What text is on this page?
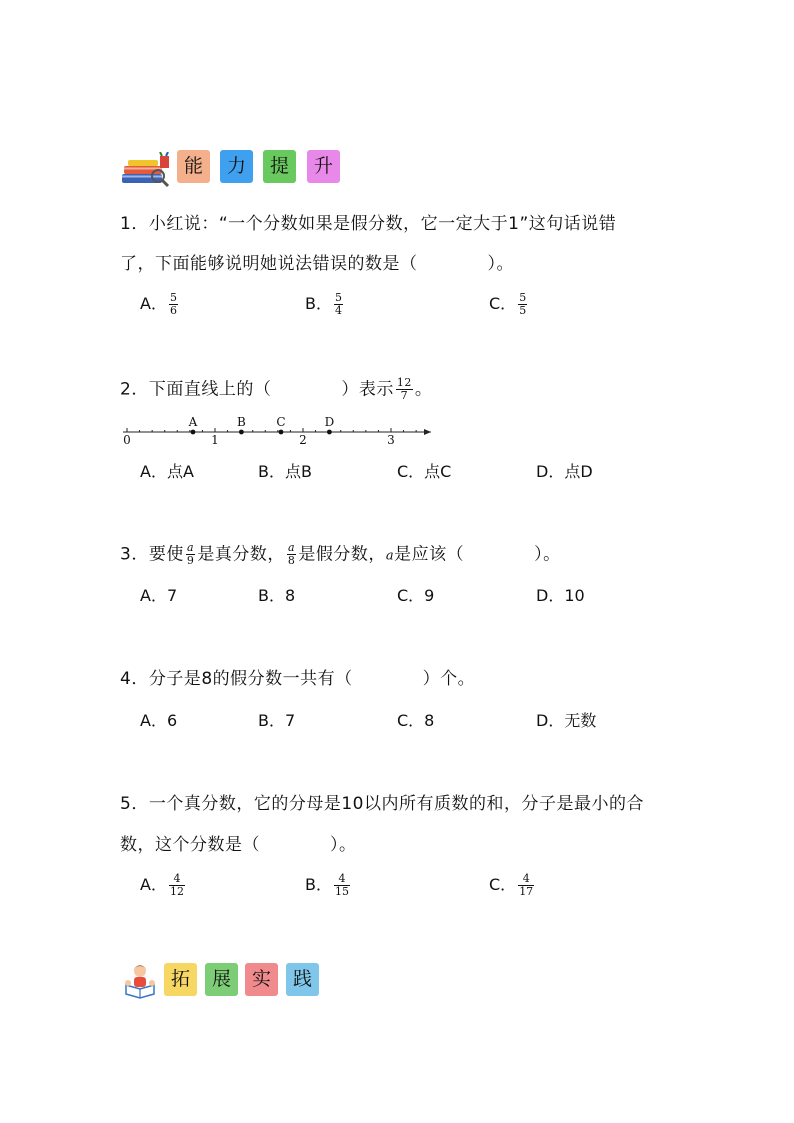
能	力	提	升
1．小红说：“一个分数如果是假分数，它一定大于1”这句话说错
了，下面能够说明她说法错误的数是（　　　　）。
A． $\frac{5}{6}$	B． $\frac{5}{4}$	C． $\frac{5}{5}$
2．下面直线上的（　　　　）表示 $\frac{12}{7}$ 。
0	1	2	3
A	B	C	D
A．点A	B．点B	C．点C	D．点D
3．要使 $\frac{a}{9}$ 是真分数， $\frac{a}{8}$ 是假分数，a是应该（　　　　）。
A．7	B．8	C．9	D．10
4．分子是8的假分数一共有（　　　　）个。
A．6	B．7	C．8	D．无数
5．一个真分数，它的分母是10以内所有质数的和，分子是最小的合
数，这个分数是（　　　　）。
A． $\frac{4}{12}$	B． $\frac{4}{15}$	C． $\frac{4}{17}$
拓	展	实	践
